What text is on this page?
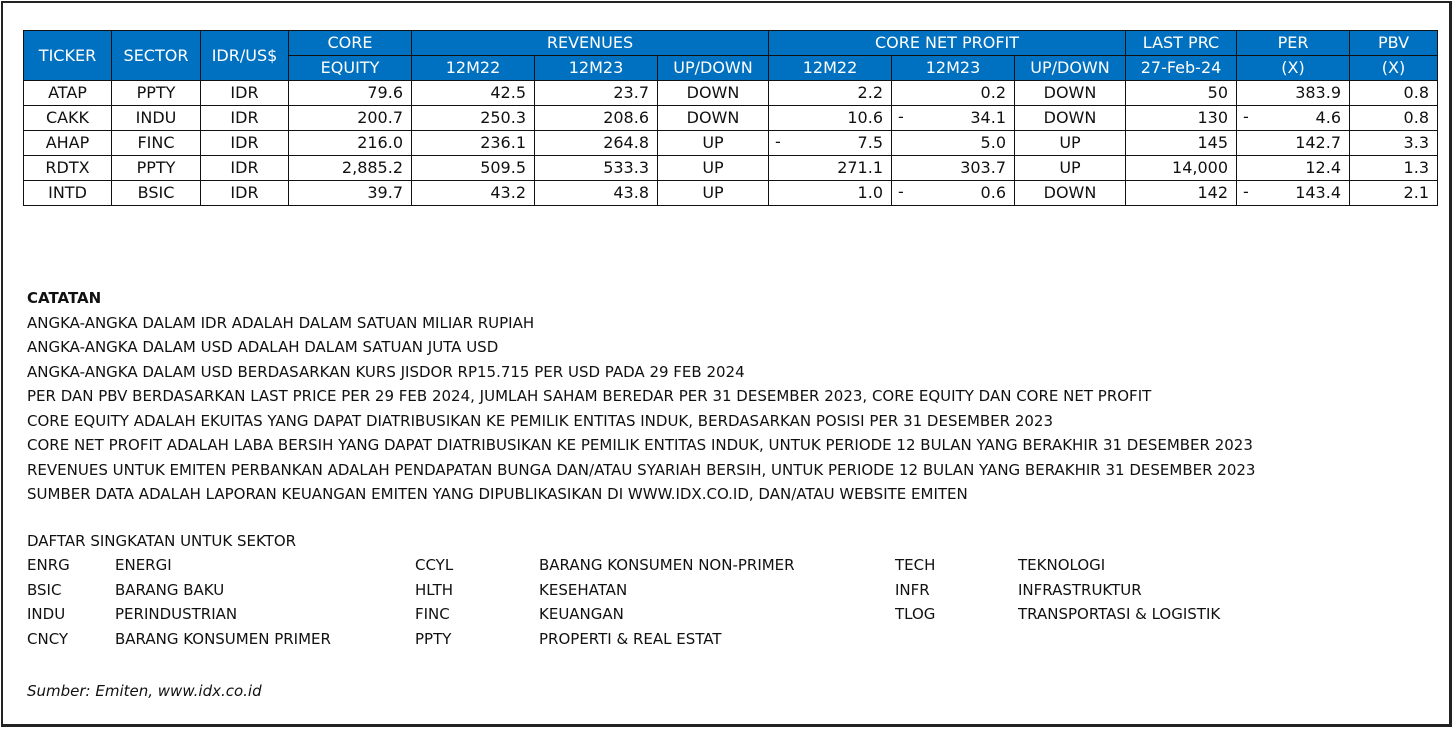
TICKER	SECTOR	IDR/US$	CORE	REVENUES			CORE NET PROFIT			LAST PRC	PER	PBV
			EQUITY	12M22	12M23	UP/DOWN	12M22	12M23	UP/DOWN	27-Feb-24	(X)	(X)
ATAP	PPTY	IDR	79.6	42.5	23.7	DOWN	2.2	0.2	DOWN	50	383.9	0.8
CAKK	INDU	IDR	200.7	250.3	208.6	DOWN	10.6	- 34.1	DOWN	130	- 4.6	0.8
AHAP	FINC	IDR	216.0	236.1	264.8	UP	- 7.5	5.0	UP	145	142.7	3.3
RDTX	PPTY	IDR	2,885.2	509.5	533.3	UP	271.1	303.7	UP	14,000	12.4	1.3
INTD	BSIC	IDR	39.7	43.2	43.8	UP	1.0	- 0.6	DOWN	142	- 143.4	2.1
CATATAN
ANGKA-ANGKA DALAM IDR ADALAH DALAM SATUAN MILIAR RUPIAH
ANGKA-ANGKA DALAM USD ADALAH DALAM SATUAN JUTA USD
ANGKA-ANGKA DALAM USD BERDASARKAN KURS JISDOR RP15.715 PER USD PADA 29 FEB 2024
PER DAN PBV BERDASARKAN LAST PRICE PER 29 FEB 2024, JUMLAH SAHAM BEREDAR PER 31 DESEMBER 2023, CORE EQUITY DAN CORE NET PROFIT
CORE EQUITY ADALAH EKUITAS YANG DAPAT DIATRIBUSIKAN KE PEMILIK ENTITAS INDUK, BERDASARKAN POSISI PER 31 DESEMBER 2023
CORE NET PROFIT ADALAH LABA BERSIH YANG DAPAT DIATRIBUSIKAN KE PEMILIK ENTITAS INDUK, UNTUK PERIODE 12 BULAN YANG BERAKHIR 31 DESEMBER 2023
REVENUES UNTUK EMITEN PERBANKAN ADALAH PENDAPATAN BUNGA DAN/ATAU SYARIAH BERSIH, UNTUK PERIODE 12 BULAN YANG BERAKHIR 31 DESEMBER 2023
SUMBER DATA ADALAH LAPORAN KEUANGAN EMITEN YANG DIPUBLIKASIKAN DI WWW.IDX.CO.ID, DAN/ATAU WEBSITE EMITEN
DAFTAR SINGKATAN UNTUK SEKTOR
ENRG	ENERGI	CCYL	BARANG KONSUMEN NON-PRIMER	TECH	TEKNOLOGI
BSIC	BARANG BAKU	HLTH	KESEHATAN	INFR	INFRASTRUKTUR
INDU	PERINDUSTRIAN	FINC	KEUANGAN	TLOG	TRANSPORTASI & LOGISTIK
CNCY	BARANG KONSUMEN PRIMER	PPTY	PROPERTI & REAL ESTAT
Sumber: Emiten, www.idx.co.id
